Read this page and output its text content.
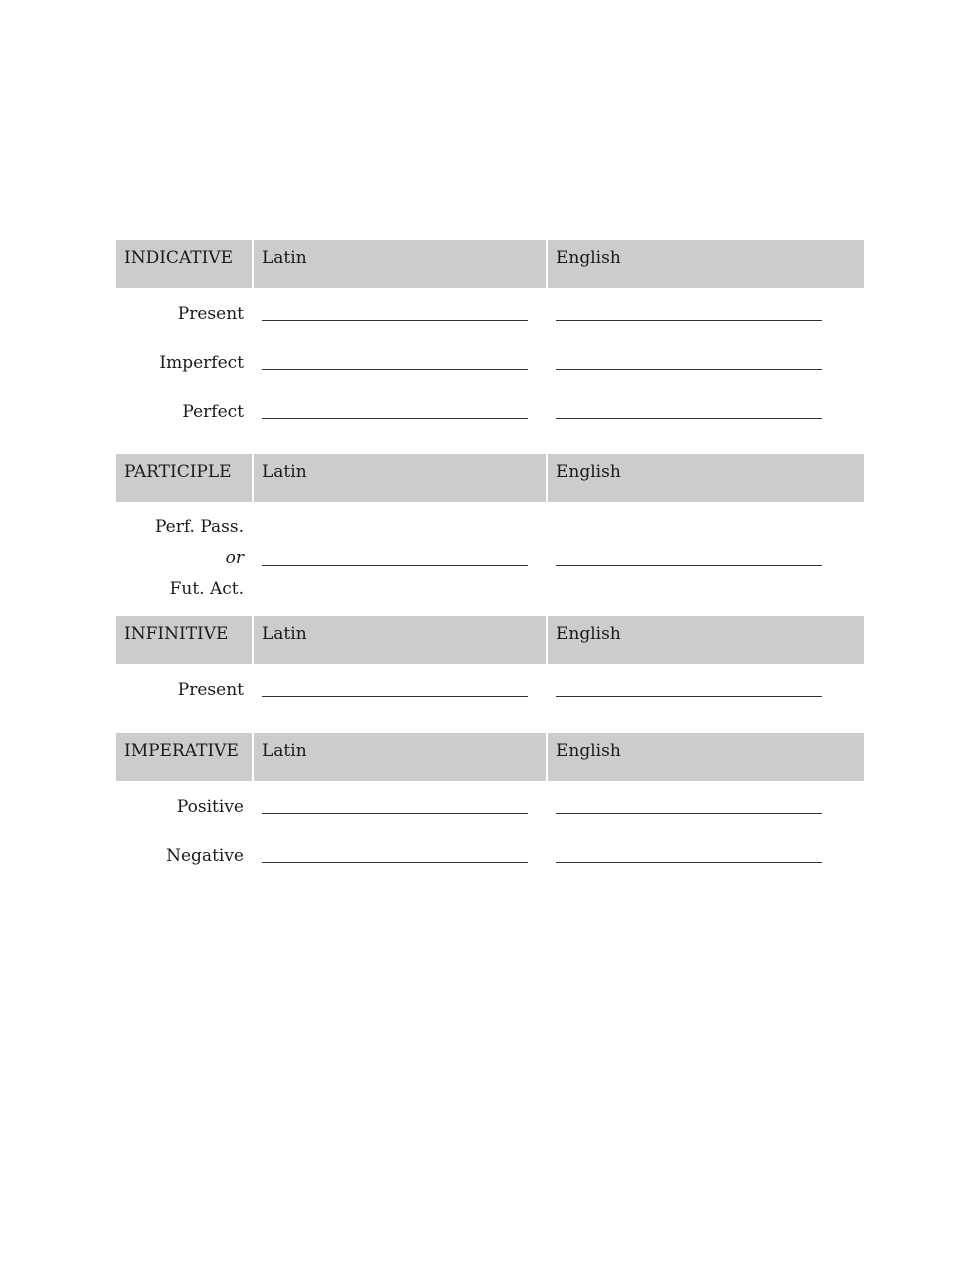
INDICATIVE	Latin	English
Present
Imperfect
Perfect
PARTICIPLE	Latin	English
Perf. Pass.
or
Fut. Act.
INFINITIVE	Latin	English
Present
IMPERATIVE	Latin	English
Positive
Negative
